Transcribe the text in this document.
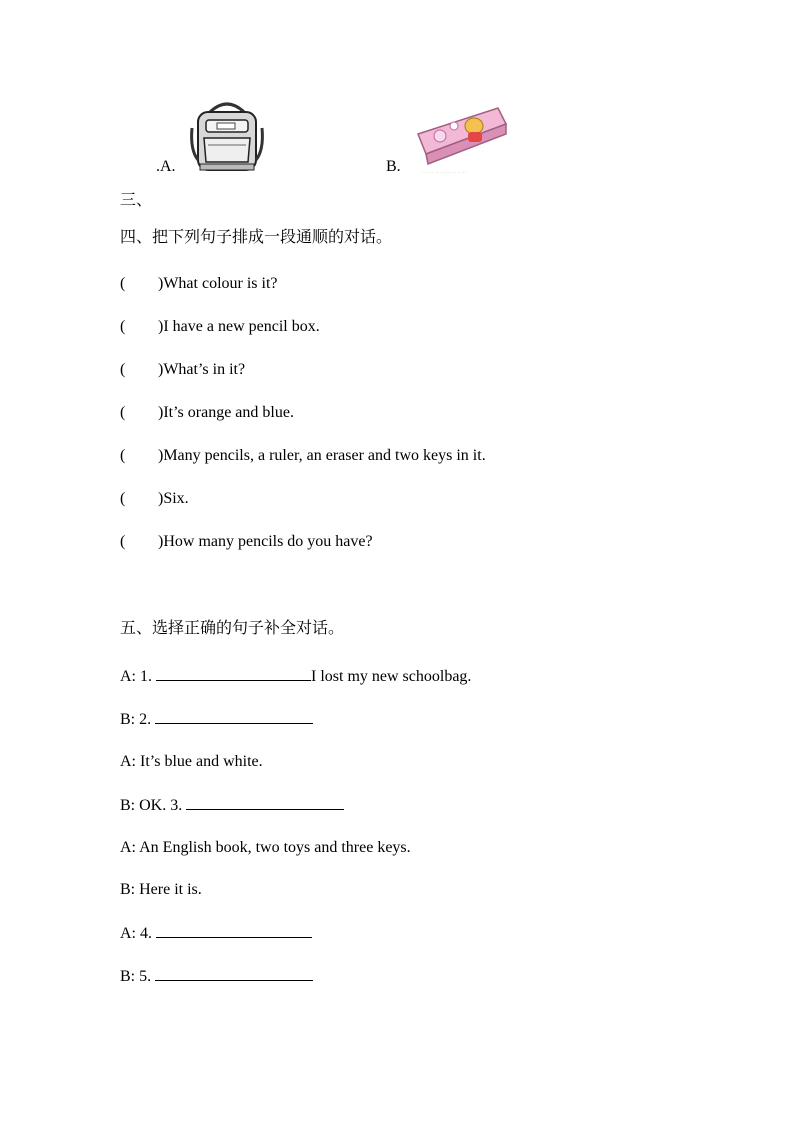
.A.	B.	· · · · · · · · · · · · · · · · · ·
三、
四、把下列句子排成一段通顺的对话。
( )What colour is it?
( )I have a new pencil box.
( )What’s in it?
( )It’s orange and blue.
( )Many pencils, a ruler, an eraser and two keys in it.
( )Six.
( )How many pencils do you have?
五、选择正确的句子补全对话。
A: 1.	I lost my new schoolbag.
B: 2.
A: It’s blue and white.
B: OK. 3.
A: An English book, two toys and three keys.
B: Here it is.
A: 4.
B: 5.
